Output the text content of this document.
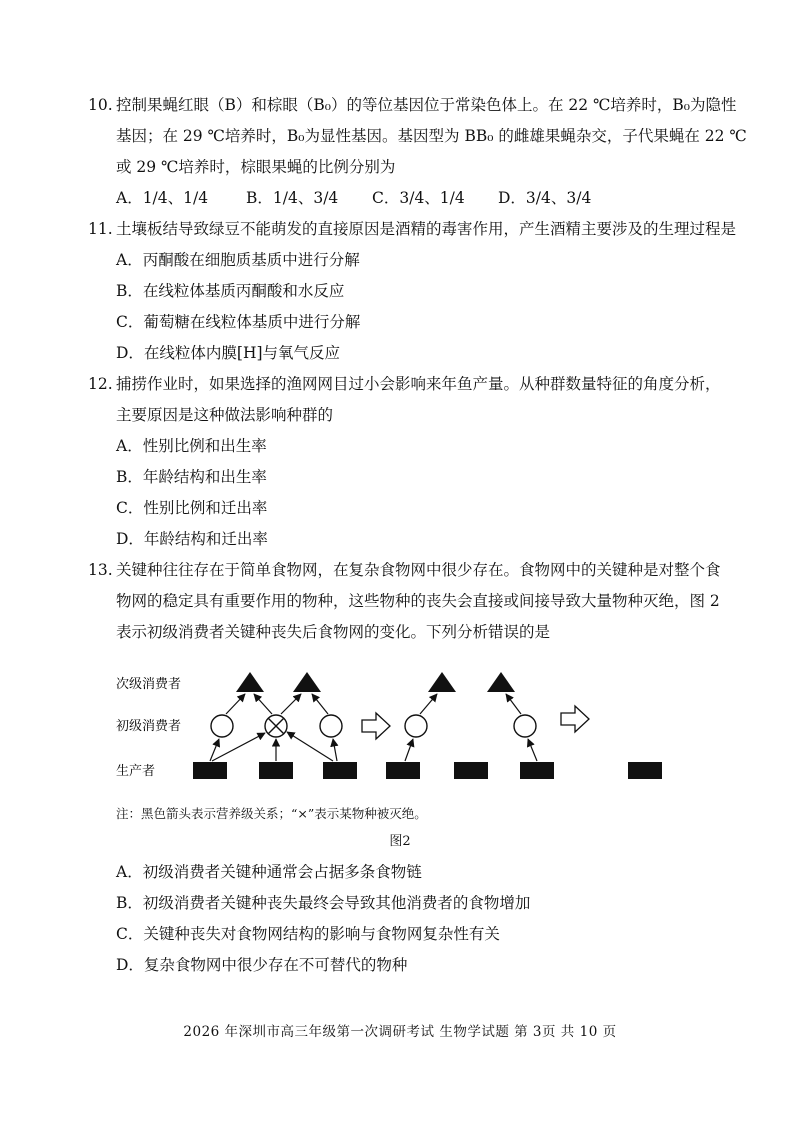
10. 控制果蝇红眼（B）和棕眼（B₀）的等位基因位于常染色体上。在 22 ℃培养时，B₀为隐性
基因；在 29 ℃培养时，B₀为显性基因。基因型为 BB₀ 的雌雄果蝇杂交，子代果蝇在 22 ℃
或 29 ℃培养时，棕眼果蝇的比例分别为
A．1/4、1/4 B．1/4、3/4 C．3/4、1/4 D．3/4、3/4
11. 土壤板结导致绿豆不能萌发的直接原因是酒精的毒害作用，产生酒精主要涉及的生理过程是
A．丙酮酸在细胞质基质中进行分解
B．在线粒体基质丙酮酸和水反应
C．葡萄糖在线粒体基质中进行分解
D．在线粒体内膜[H]与氧气反应
12. 捕捞作业时，如果选择的渔网网目过小会影响来年鱼产量。从种群数量特征的角度分析，
主要原因是这种做法影响种群的
A．性别比例和出生率
B．年龄结构和出生率
C．性别比例和迁出率
D．年龄结构和迁出率
13. 关键种往往存在于简单食物网，在复杂食物网中很少存在。食物网中的关键种是对整个食
物网的稳定具有重要作用的物种，这些物种的丧失会直接或间接导致大量物种灭绝，图 2
表示初级消费者关键种丧失后食物网的变化。下列分析错误的是
次级消费者
初级消费者
生产者
注：黑色箭头表示营养级关系；“×”表示某物种被灭绝。
图2
A．初级消费者关键种通常会占据多条食物链
B．初级消费者关键种丧失最终会导致其他消费者的食物增加
C．关键种丧失对食物网结构的影响与食物网复杂性有关
D．复杂食物网中很少存在不可替代的物种
2026 年深圳市高三年级第一次调研考试 生物学试题 第 3页 共 10 页
